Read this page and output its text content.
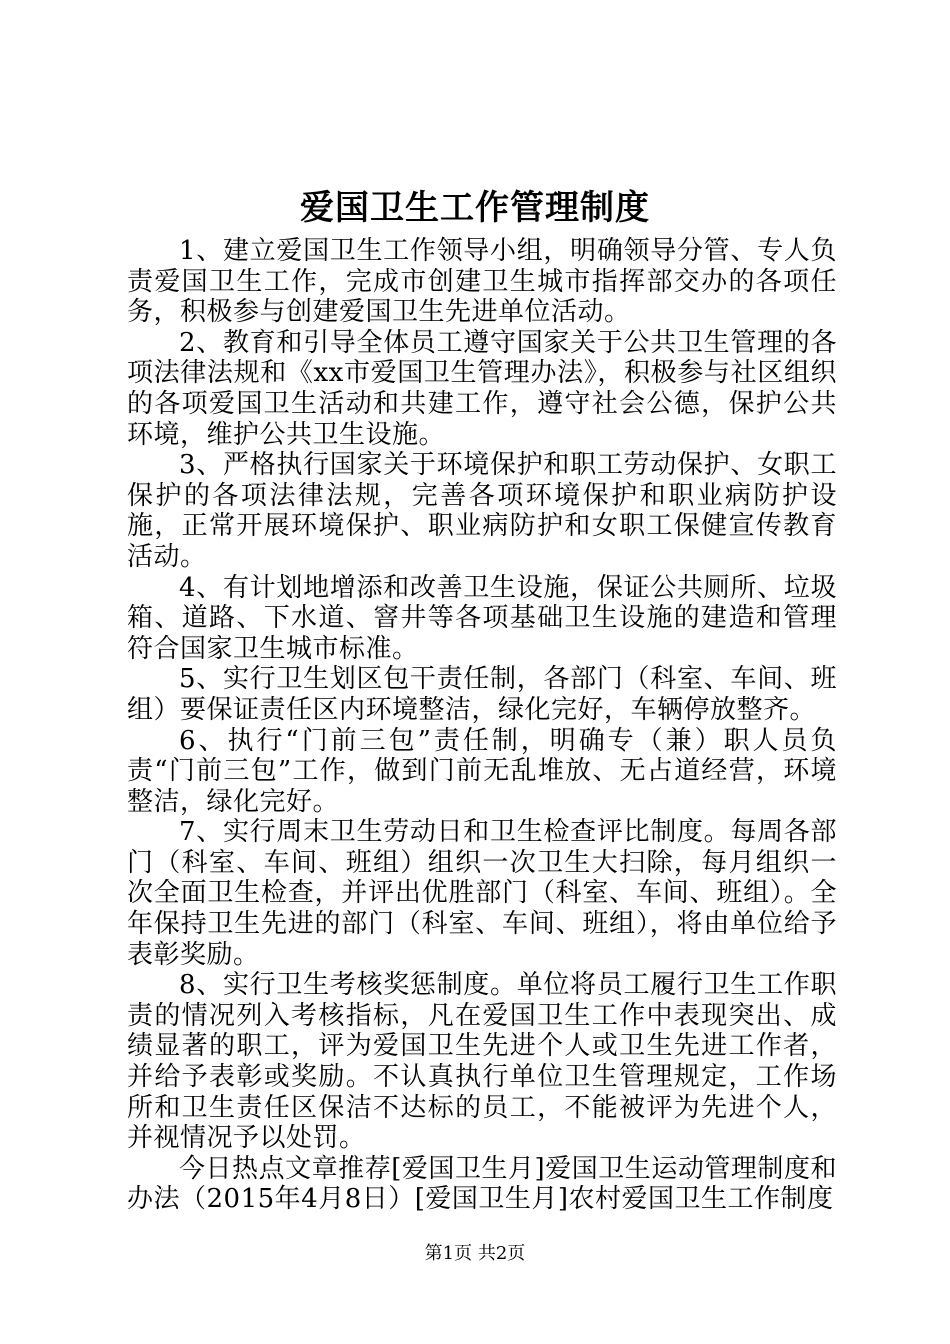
爱国卫生工作管理制度

1、建立爱国卫生工作领导小组，明确领导分管、专人负责爱国卫生工作，完成市创建卫生城市指挥部交办的各项任务，积极参与创建爱国卫生先进单位活动。

2、教育和引导全体员工遵守国家关于公共卫生管理的各项法律法规和《xx市爱国卫生管理办法》，积极参与社区组织的各项爱国卫生活动和共建工作，遵守社会公德，保护公共环境，维护公共卫生设施。

3、严格执行国家关于环境保护和职工劳动保护、女职工保护的各项法律法规，完善各项环境保护和职业病防护设施，正常开展环境保护、职业病防护和女职工保健宣传教育活动。

4、有计划地增添和改善卫生设施，保证公共厕所、垃圾箱、道路、下水道、窨井等各项基础卫生设施的建造和管理符合国家卫生城市标准。

5、实行卫生划区包干责任制，各部门（科室、车间、班组）要保证责任区内环境整洁，绿化完好，车辆停放整齐。

6、执行“门前三包”责任制，明确专（兼）职人员负责“门前三包”工作，做到门前无乱堆放、无占道经营，环境整洁，绿化完好。

7、实行周末卫生劳动日和卫生检查评比制度。每周各部门（科室、车间、班组）组织一次卫生大扫除，每月组织一次全面卫生检查，并评出优胜部门（科室、车间、班组）。全年保持卫生先进的部门（科室、车间、班组），将由单位给予表彰奖励。

8、实行卫生考核奖惩制度。单位将员工履行卫生工作职责的情况列入考核指标，凡在爱国卫生工作中表现突出、成绩显著的职工，评为爱国卫生先进个人或卫生先进工作者，并给予表彰或奖励。不认真执行单位卫生管理规定，工作场所和卫生责任区保洁不达标的员工，不能被评为先进个人，并视情况予以处罚。

今日热点文章推荐[爱国卫生月]爱国卫生运动管理制度和办法（2015年4月8日）[爱国卫生月]农村爱国卫生工作制度

第1页 共2页
